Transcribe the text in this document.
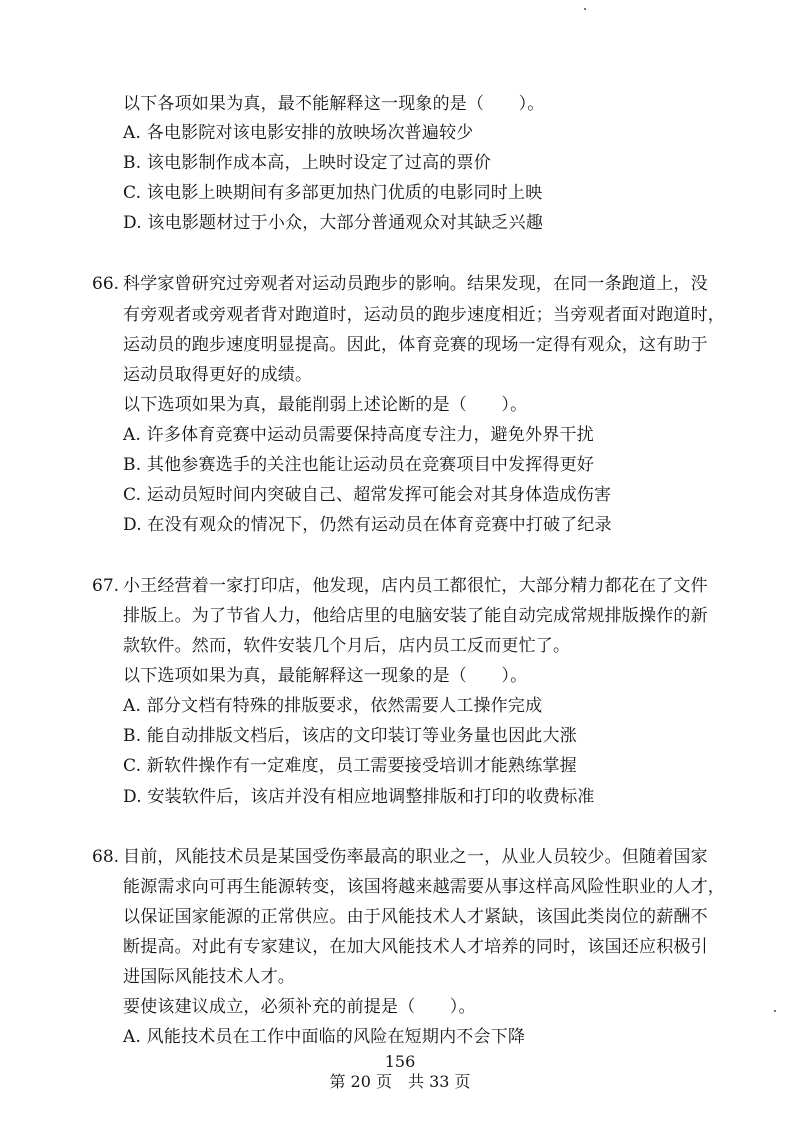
以下各项如果为真，最不能解释这一现象的是（　　）。
A. 各电影院对该电影安排的放映场次普遍较少
B. 该电影制作成本高，上映时设定了过高的票价
C. 该电影上映期间有多部更加热门优质的电影同时上映
D. 该电影题材过于小众，大部分普通观众对其缺乏兴趣
66. 科学家曾研究过旁观者对运动员跑步的影响。结果发现，在同一条跑道上，没
有旁观者或旁观者背对跑道时，运动员的跑步速度相近；当旁观者面对跑道时，
运动员的跑步速度明显提高。因此，体育竞赛的现场一定得有观众，这有助于
运动员取得更好的成绩。
以下选项如果为真，最能削弱上述论断的是（　　）。
A. 许多体育竞赛中运动员需要保持高度专注力，避免外界干扰
B. 其他参赛选手的关注也能让运动员在竞赛项目中发挥得更好
C. 运动员短时间内突破自己、超常发挥可能会对其身体造成伤害
D. 在没有观众的情况下，仍然有运动员在体育竞赛中打破了纪录
67. 小王经营着一家打印店，他发现，店内员工都很忙，大部分精力都花在了文件
排版上。为了节省人力，他给店里的电脑安装了能自动完成常规排版操作的新
款软件。然而，软件安装几个月后，店内员工反而更忙了。
以下选项如果为真，最能解释这一现象的是（　　）。
A. 部分文档有特殊的排版要求，依然需要人工操作完成
B. 能自动排版文档后，该店的文印装订等业务量也因此大涨
C. 新软件操作有一定难度，员工需要接受培训才能熟练掌握
D. 安装软件后，该店并没有相应地调整排版和打印的收费标准
68. 目前，风能技术员是某国受伤率最高的职业之一，从业人员较少。但随着国家
能源需求向可再生能源转变，该国将越来越需要从事这样高风险性职业的人才，
以保证国家能源的正常供应。由于风能技术人才紧缺，该国此类岗位的薪酬不
断提高。对此有专家建议，在加大风能技术人才培养的同时，该国还应积极引
进国际风能技术人才。
要使该建议成立，必须补充的前提是（　　）。
A. 风能技术员在工作中面临的风险在短期内不会下降
156
第 20 页　共 33 页
